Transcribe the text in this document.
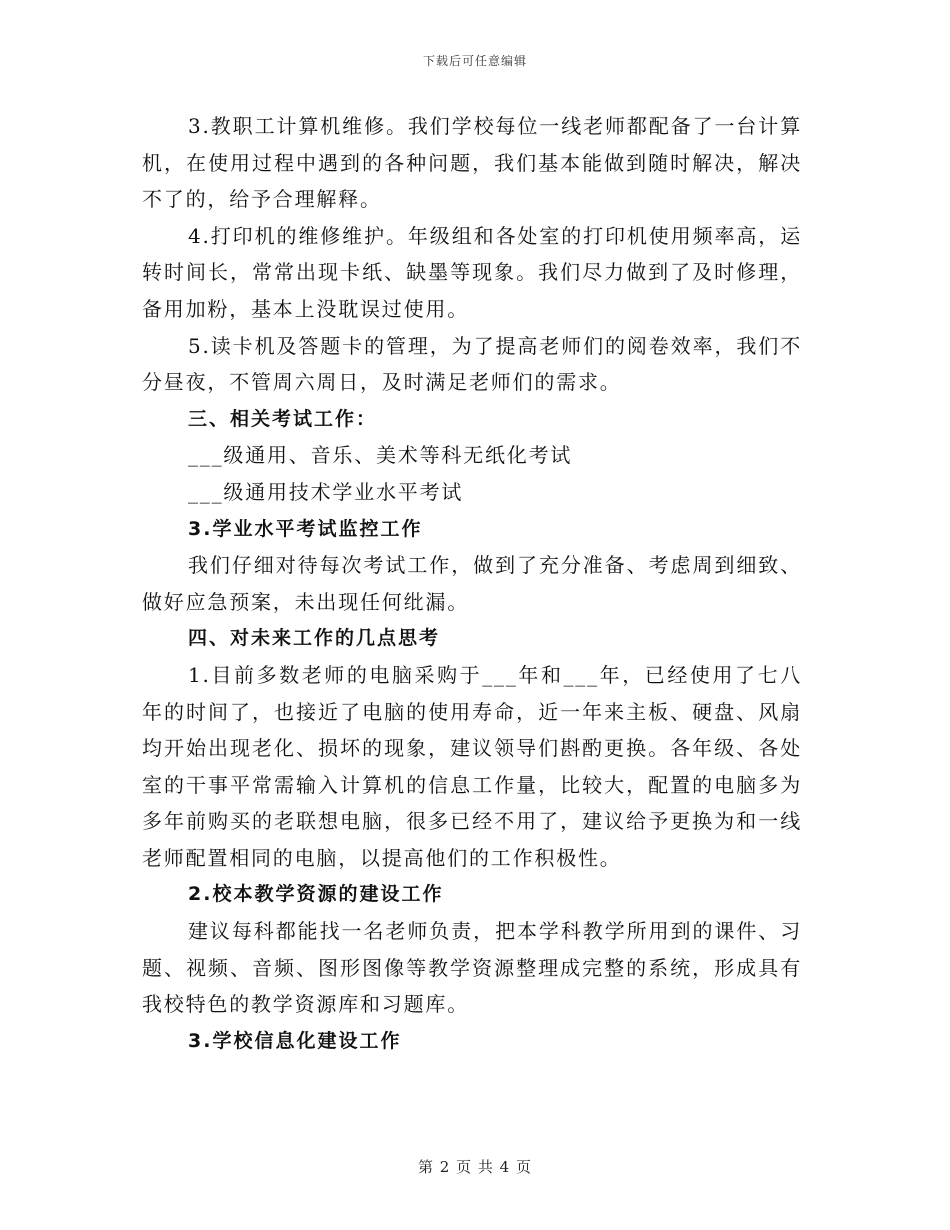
下载后可任意编辑

3.教职工计算机维修。我们学校每位一线老师都配备了一台计算机，在使用过程中遇到的各种问题，我们基本能做到随时解决，解决不了的，给予合理解释。

4.打印机的维修维护。年级组和各处室的打印机使用频率高，运转时间长，常常出现卡纸、缺墨等现象。我们尽力做到了及时修理，备用加粉，基本上没耽误过使用。

5.读卡机及答题卡的管理，为了提高老师们的阅卷效率，我们不分昼夜，不管周六周日，及时满足老师们的需求。

三、相关考试工作：

___级通用、音乐、美术等科无纸化考试

___级通用技术学业水平考试

3.学业水平考试监控工作

我们仔细对待每次考试工作，做到了充分准备、考虑周到细致、做好应急预案，未出现任何纰漏。

四、对未来工作的几点思考

1.目前多数老师的电脑采购于___年和___年，已经使用了七八年的时间了，也接近了电脑的使用寿命，近一年来主板、硬盘、风扇均开始出现老化、损坏的现象，建议领导们斟酌更换。各年级、各处室的干事平常需输入计算机的信息工作量，比较大，配置的电脑多为多年前购买的老联想电脑，很多已经不用了，建议给予更换为和一线老师配置相同的电脑，以提高他们的工作积极性。

2.校本教学资源的建设工作

建议每科都能找一名老师负责，把本学科教学所用到的课件、习题、视频、音频、图形图像等教学资源整理成完整的系统，形成具有我校特色的教学资源库和习题库。

3.学校信息化建设工作

第 2 页 共 4 页
